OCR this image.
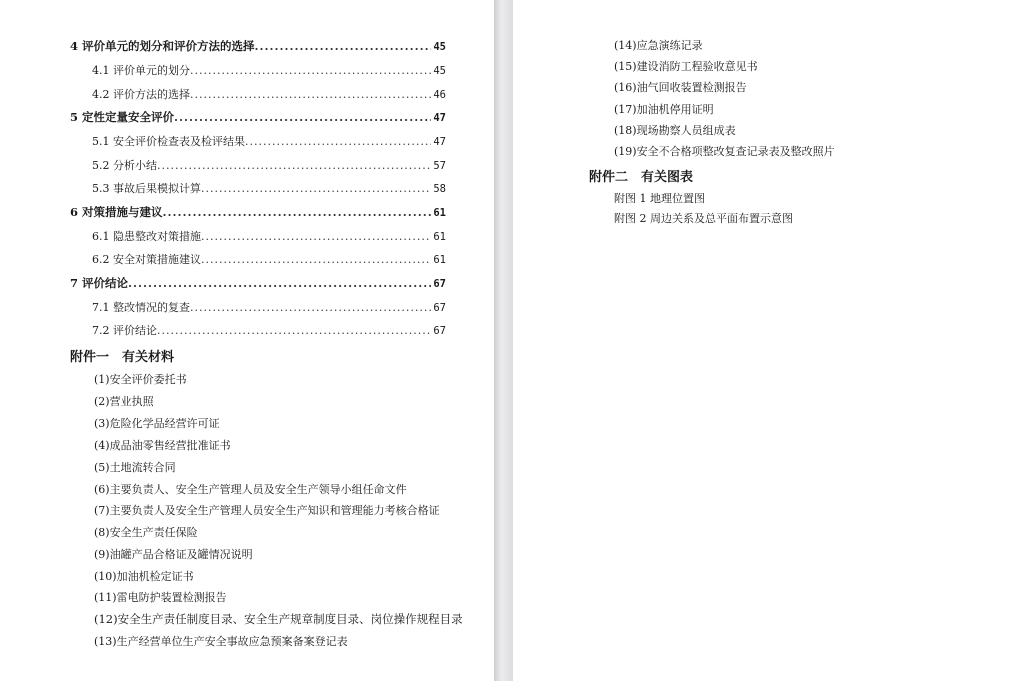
4 评价单元的划分和评价方法的选择 .....	45
4.1 评价单元的划分 .....	45
4.2 评价方法的选择 .....	46
5 定性定量安全评价 .....	47
5.1 安全评价检查表及检评结果 .....	47
5.2 分析小结 .....	57
5.3 事故后果模拟计算 .....	58
6 对策措施与建议 .....	61
6.1 隐患整改对策措施 .....	61
6.2 安全对策措施建议 .....	61
7 评价结论 .....	67
7.1 整改情况的复查 .....	67
7.2 评价结论 .....	67
附件一　有关材料
(1)安全评价委托书
(2)营业执照
(3)危险化学品经营许可证
(4)成品油零售经营批准证书
(5)土地流转合同
(6)主要负责人、安全生产管理人员及安全生产领导小组任命文件
(7)主要负责人及安全生产管理人员安全生产知识和管理能力考核合格证
(8)安全生产责任保险
(9)油罐产品合格证及罐情况说明
(10)加油机检定证书
(11)雷电防护装置检测报告
(12)安全生产责任制度目录、安全生产规章制度目录、岗位操作规程目录
(13)生产经营单位生产安全事故应急预案备案登记表
(14)应急演练记录
(15)建设消防工程验收意见书
(16)油气回收装置检测报告
(17)加油机停用证明
(18)现场勘察人员组成表
(19)安全不合格项整改复查记录表及整改照片
附件二　有关图表
附图 1 地理位置图
附图 2 周边关系及总平面布置示意图
